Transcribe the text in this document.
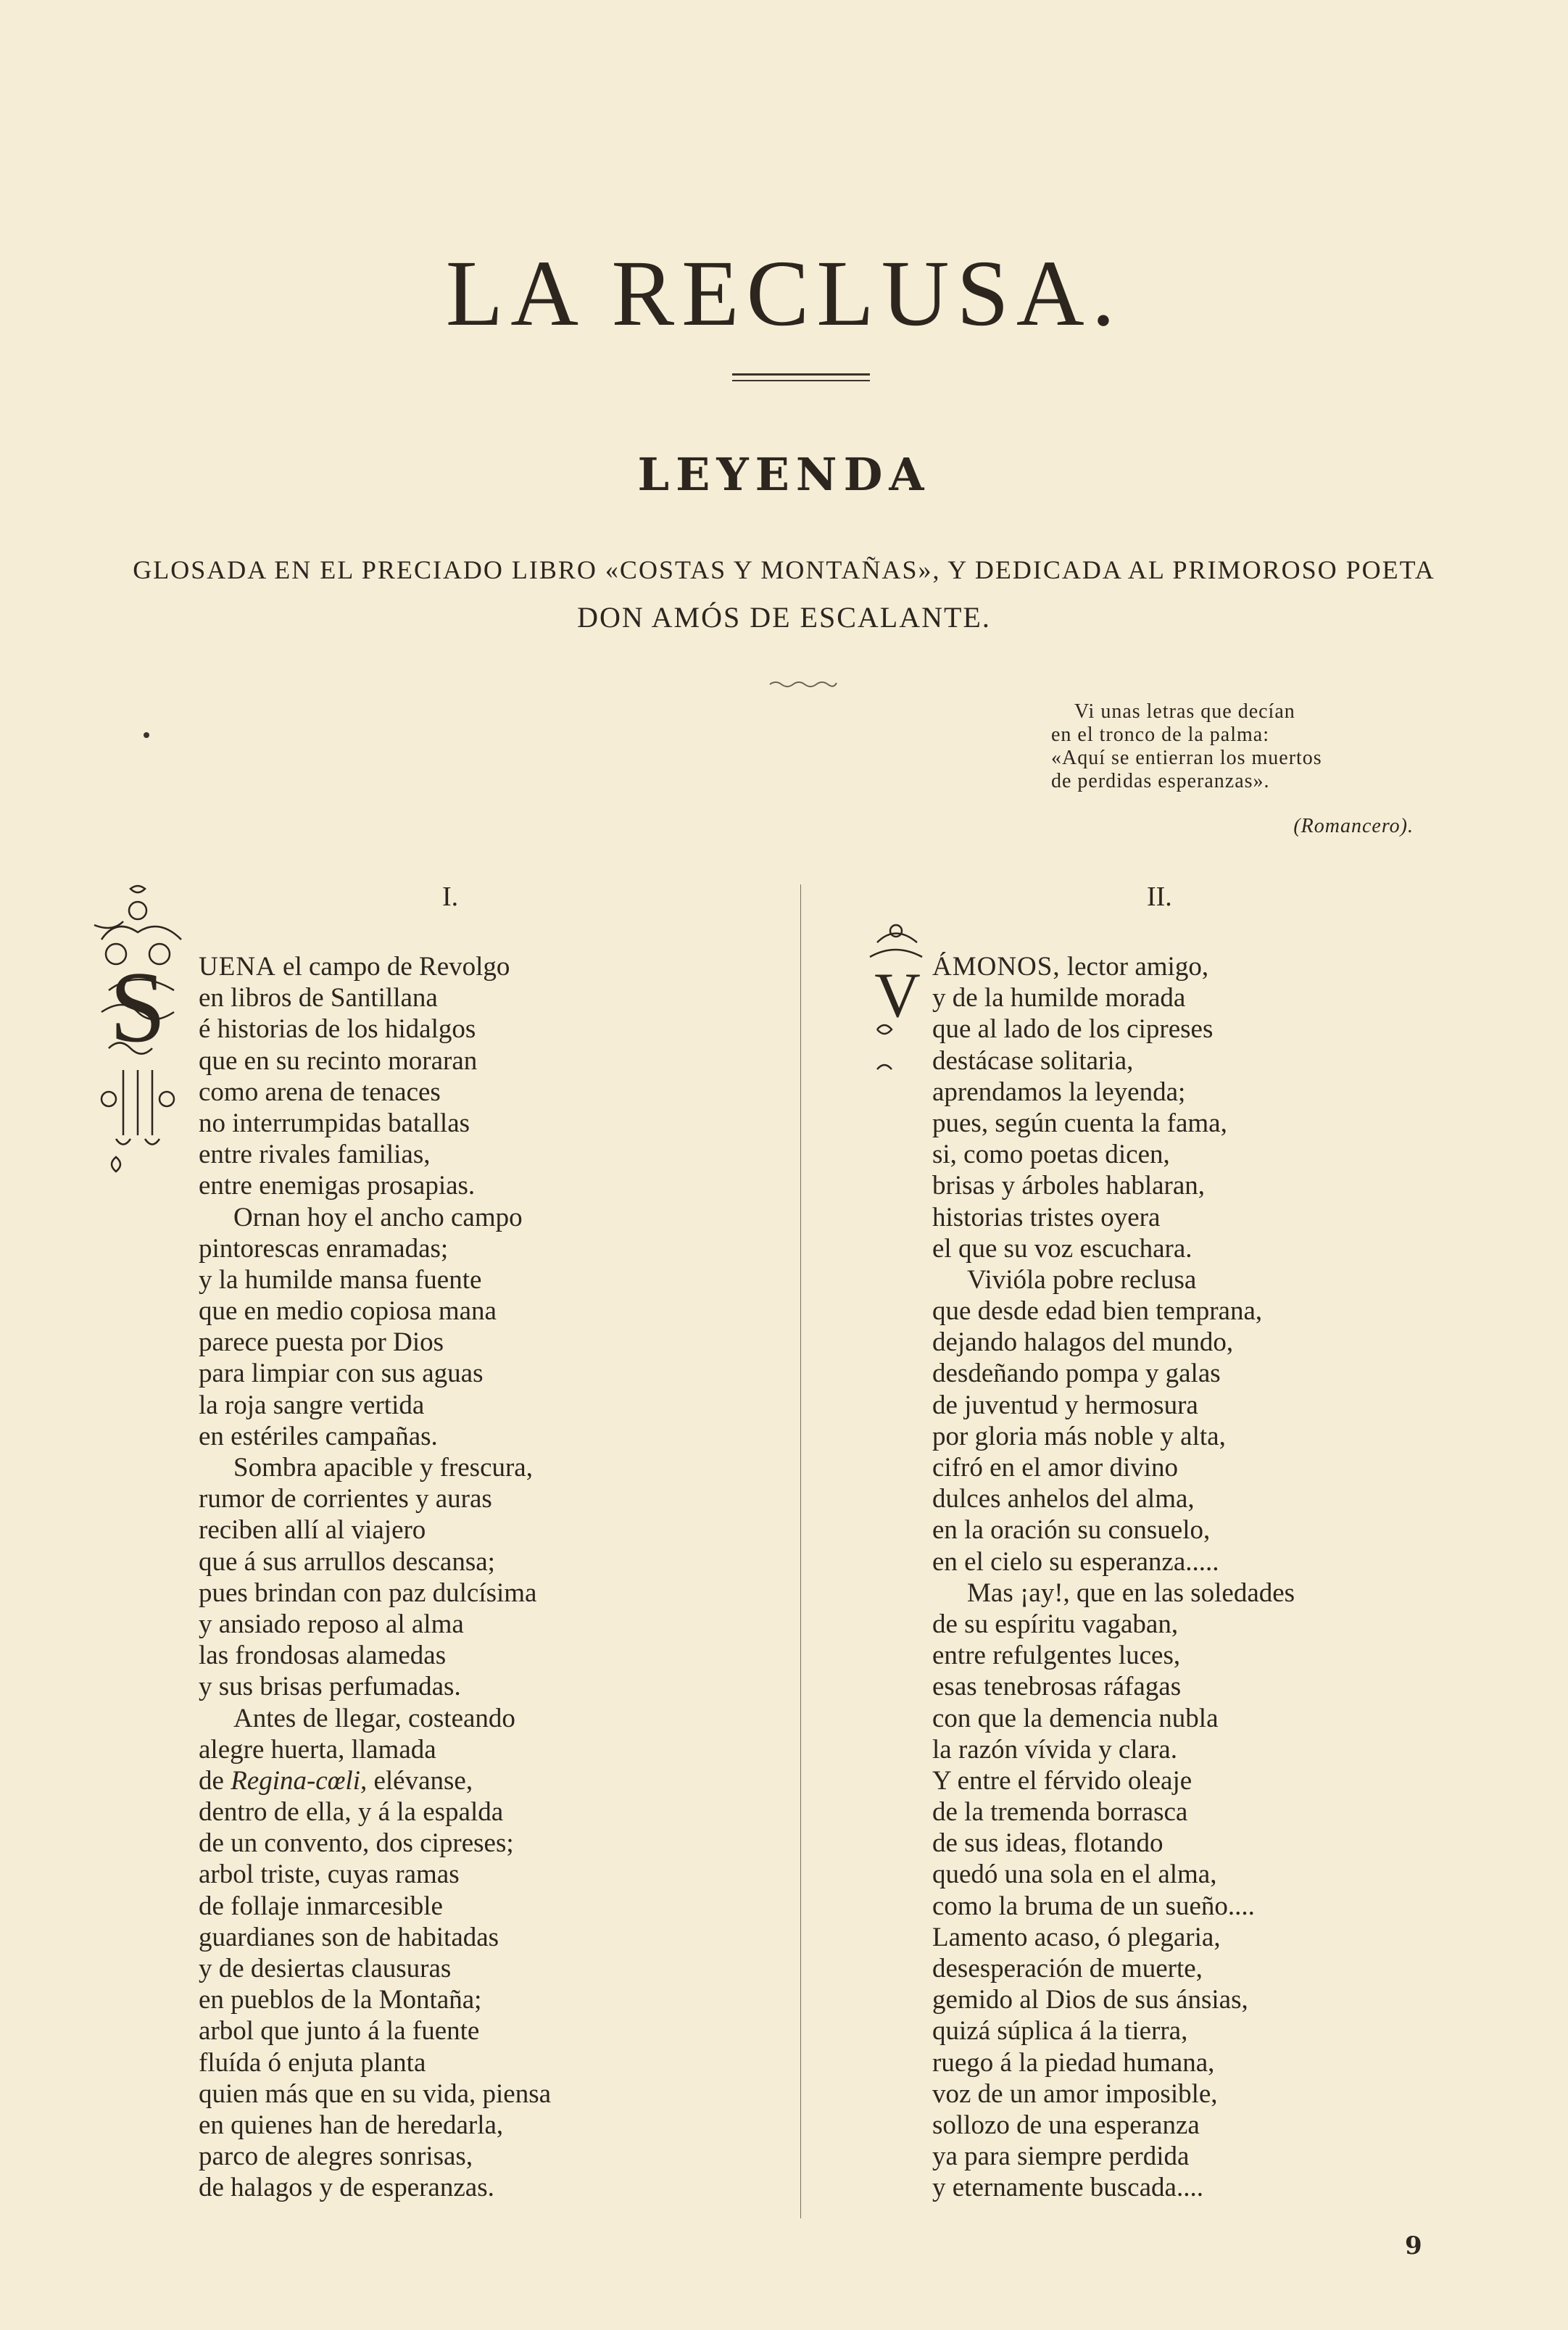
LA RECLUSA.
LEYENDA
GLOSADA EN EL PRECIADO LIBRO «COSTAS Y MONTAÑAS», Y DEDICADA AL PRIMOROSO POETA
DON AMÓS DE ESCALANTE.
Vi unas letras que decían
en el tronco de la palma:
«Aquí se entierran los muertos
de perdidas esperanzas».
(Romancero).
I.	II.
S	V
UENA el campo de Revolgo
en libros de Santillana
é historias de los hidalgos
que en su recinto moraran
como arena de tenaces
no interrumpidas batallas
entre rivales familias,
entre enemigas prosapias.
Ornan hoy el ancho campo
pintorescas enramadas;
y la humilde mansa fuente
que en medio copiosa mana
parece puesta por Dios
para limpiar con sus aguas
la roja sangre vertida
en estériles campañas.
Sombra apacible y frescura,
rumor de corrientes y auras
reciben allí al viajero
que á sus arrullos descansa;
pues brindan con paz dulcísima
y ansiado reposo al alma
las frondosas alamedas
y sus brisas perfumadas.
Antes de llegar, costeando
alegre huerta, llamada
de Regina-cœli, elévanse,
dentro de ella, y á la espalda
de un convento, dos cipreses;
arbol triste, cuyas ramas
de follaje inmarcesible
guardianes son de habitadas
y de desiertas clausuras
en pueblos de la Montaña;
arbol que junto á la fuente
fluída ó enjuta planta
quien más que en su vida, piensa
en quienes han de heredarla,
parco de alegres sonrisas,
de halagos y de esperanzas.
ÁMONOS, lector amigo,
y de la humilde morada
que al lado de los cipreses
destácase solitaria,
aprendamos la leyenda;
pues, según cuenta la fama,
si, como poetas dicen,
brisas y árboles hablaran,
historias tristes oyera
el que su voz escuchara.
Vivióla pobre reclusa
que desde edad bien temprana,
dejando halagos del mundo,
desdeñando pompa y galas
de juventud y hermosura
por gloria más noble y alta,
cifró en el amor divino
dulces anhelos del alma,
en la oración su consuelo,
en el cielo su esperanza.....
Mas ¡ay!, que en las soledades
de su espíritu vagaban,
entre refulgentes luces,
esas tenebrosas ráfagas
con que la demencia nubla
la razón vívida y clara.
Y entre el férvido oleaje
de la tremenda borrasca
de sus ideas, flotando
quedó una sola en el alma,
como la bruma de un sueño....
Lamento acaso, ó plegaria,
desesperación de muerte,
gemido al Dios de sus ánsias,
quizá súplica á la tierra,
ruego á la piedad humana,
voz de un amor imposible,
sollozo de una esperanza
ya para siempre perdida
y eternamente buscada....
9
